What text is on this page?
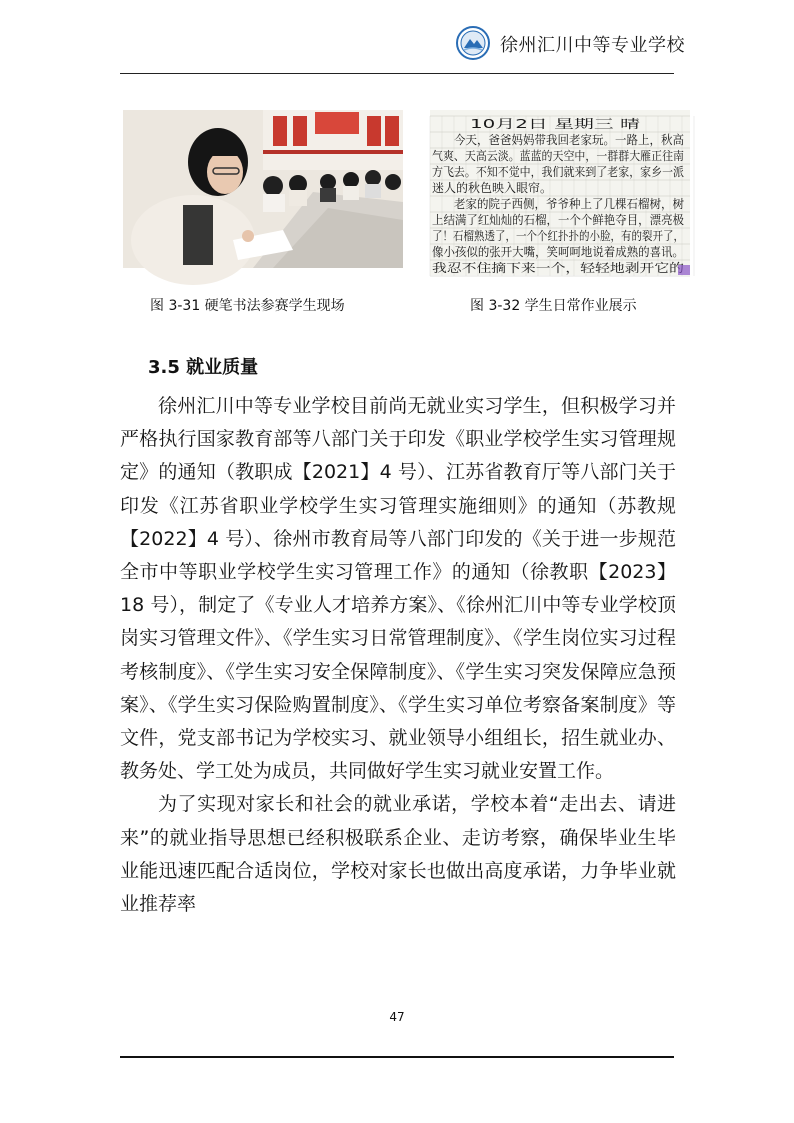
徐州汇川中等专业学校
10月2日 星期三 晴
今天，爸爸妈妈带我回老家玩。一路上，秋高
气爽、天高云淡。蓝蓝的天空中，一群群大雁正往南
方飞去。不知不觉中，我们就来到了老家，家乡一派
迷人的秋色映入眼帘。
老家的院子西侧，爷爷种上了几棵石榴树，树
上结满了红灿灿的石榴，一个个鲜艳夺目，漂亮极
了！石榴熟透了，一个个红扑扑的小脸，有的裂开了，
像小孩似的张开大嘴，笑呵呵地说着成熟的喜讯。
我忍不住摘下来一个，轻轻地剥开它的
图 3-31 硬笔书法参赛学生现场	图 3-32 学生日常作业展示
3.5 就业质量

徐州汇川中等专业学校目前尚无就业实习学生，但积极学习并严格执行国家教育部等八部门关于印发《职业学校学生实习管理规定》的通知（教职成【2021】4 号）、江苏省教育厅等八部门关于印发《江苏省职业学校学生实习管理实施细则》的通知（苏教规【2022】4 号）、徐州市教育局等八部门印发的《关于进一步规范全市中等职业学校学生实习管理工作》的通知（徐教职【2023】18 号），制定了《专业人才培养方案》、《徐州汇川中等专业学校顶岗实习管理文件》、《学生实习日常管理制度》、《学生岗位实习过程考核制度》、《学生实习安全保障制度》、《学生实习突发保障应急预案》、《学生实习保险购置制度》、《学生实习单位考察备案制度》等文件，党支部书记为学校实习、就业领导小组组长，招生就业办、教务处、学工处为成员，共同做好学生实习就业安置工作。

为了实现对家长和社会的就业承诺，学校本着“走出去、请进来”的就业指导思想已经积极联系企业、走访考察，确保毕业生毕业能迅速匹配合适岗位，学校对家长也做出高度承诺，力争毕业就业推荐率

47
